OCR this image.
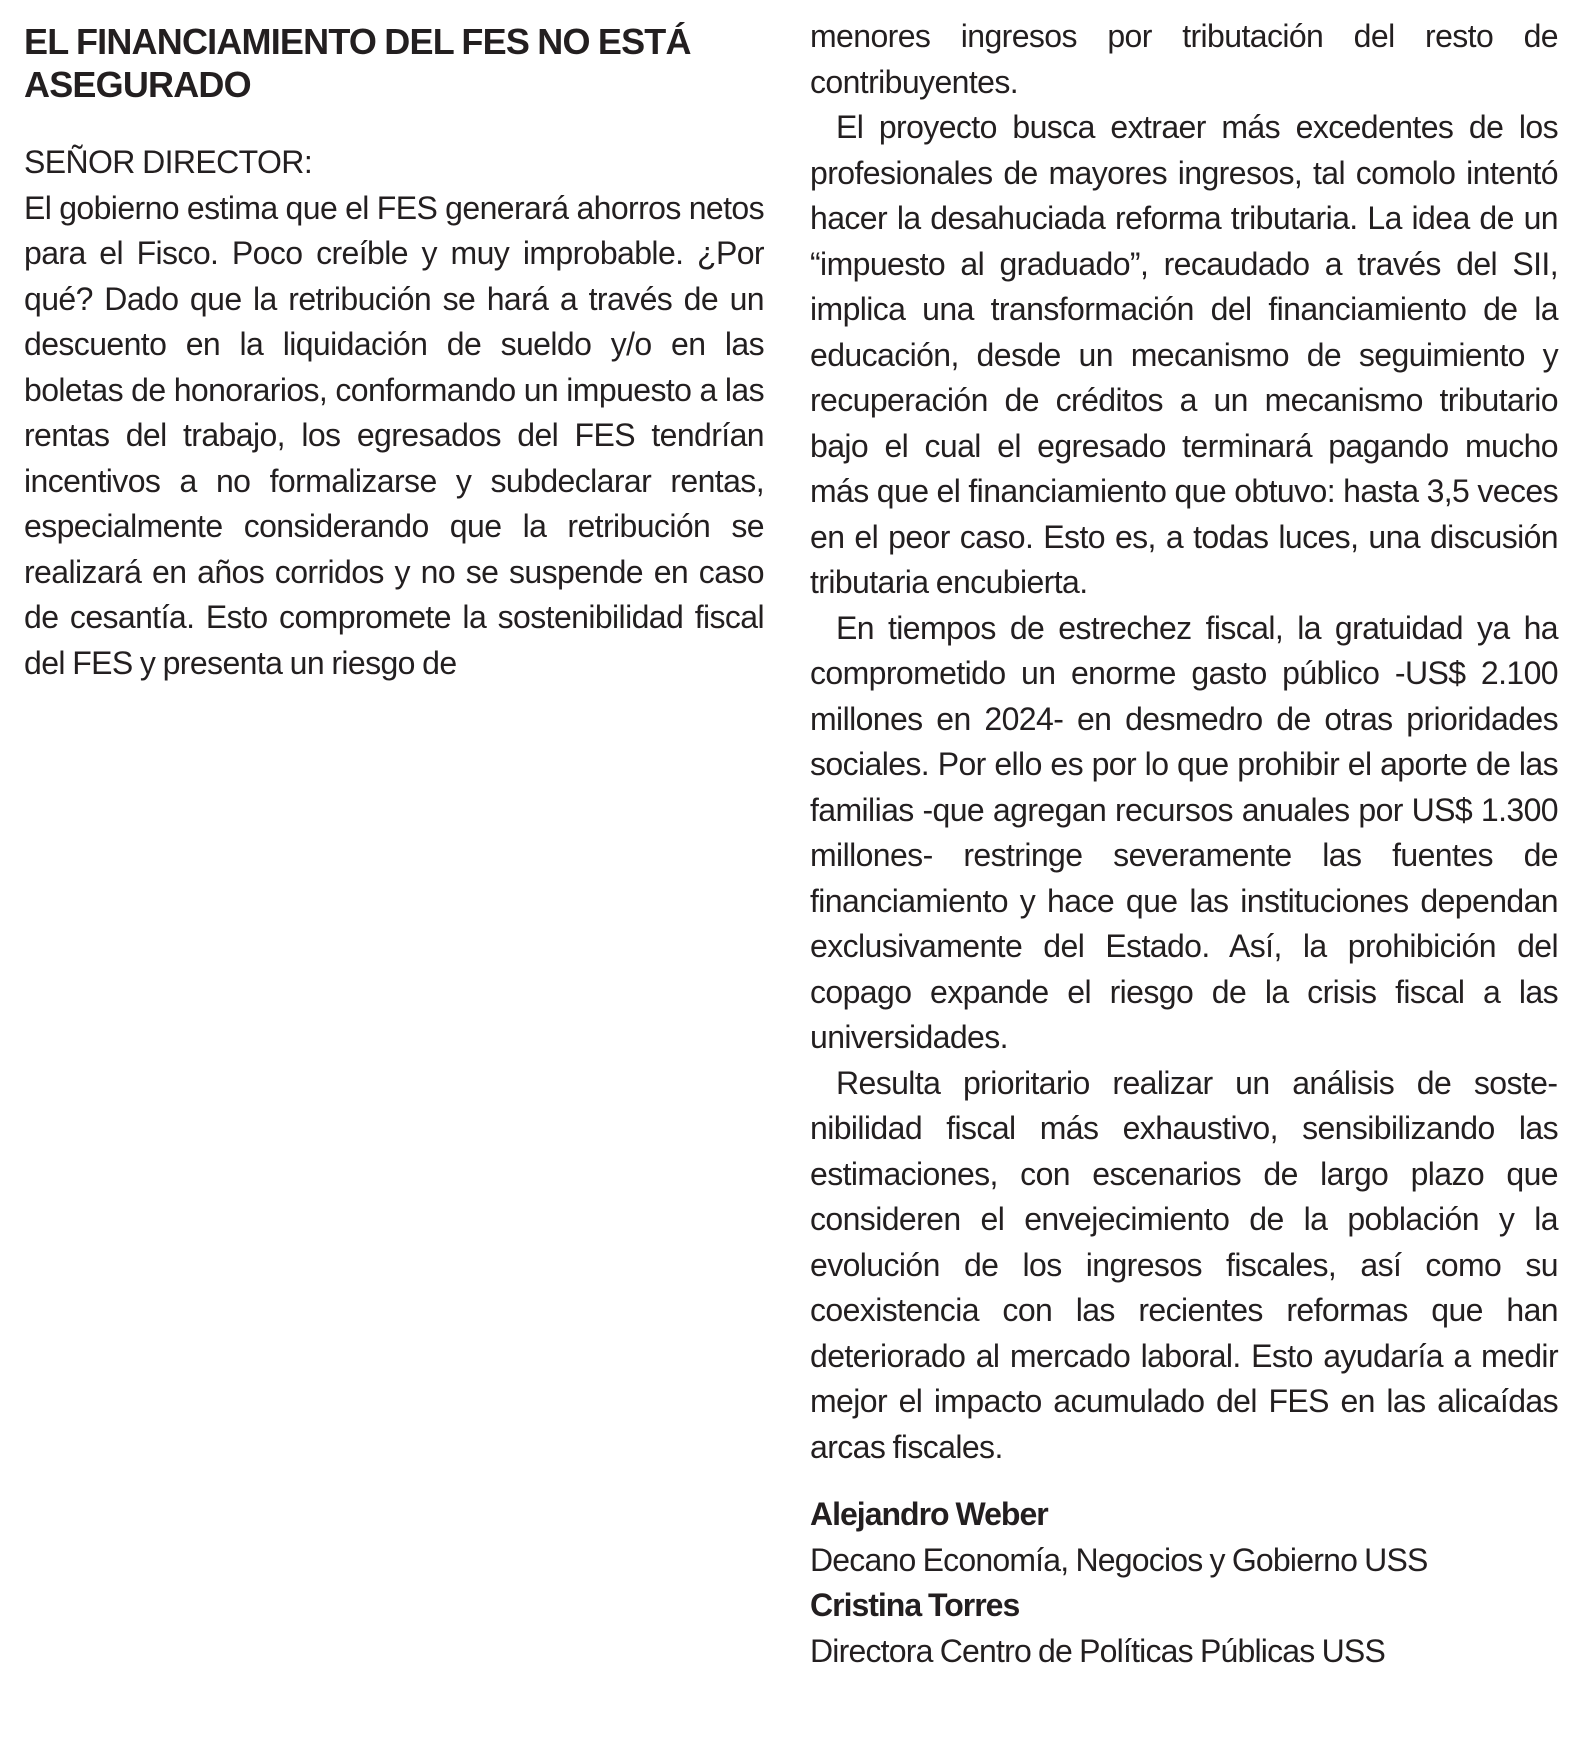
EL FINANCIAMIENTO DEL FES NO ESTÁ ASEGURADO

SEÑOR DIRECTOR:

El gobierno estima que el FES generará ahorros netos para el Fisco. Poco creíble y muy improbable. ¿Por qué? Dado que la retribución se hará a través de un descuento en la liquidación de sueldo y/o en las boletas de honorarios, conformando un impuesto a las rentas del trabajo, los egresados del FES tendrían incentivos a no formalizarse y subdeclarar rentas, especialmente considerando que la retribución se realizará en años corridos y no se suspende en caso de cesantía. Esto compromete la sostenibilidad fiscal del FES y presenta un riesgo de

menores ingresos por tributación del resto de contribuyentes.

El proyecto busca extraer más excedentes de los profesionales de mayores ingresos, tal comolo intentó hacer la desahuciada reforma tributaria. La idea de un “impuesto al graduado”, recaudado a través del SII, implica una transformación del financiamiento de la educación, desde un mecanismo de seguimiento y recuperación de créditos a un mecanismo tributario bajo el cual el egresado terminará pagando mucho más que el financiamiento que obtuvo: hasta 3,5 veces en el peor caso. Esto es, a todas luces, una discusión tributaria encubierta.

En tiempos de estrechez fiscal, la gratuidad ya ha comprometido un enorme gasto público -US$ 2.100 millones en 2024- en desmedro de otras prioridades sociales. Por ello es por lo que prohibir el aporte de las familias -que agregan recursos anuales por US$ 1.300 millones- restringe severamente las fuentes de financiamiento y hace que las instituciones dependan exclusivamente del Estado. Así, la prohibición del copago expande el riesgo de la crisis fiscal a las universidades.

Resulta prioritario realizar un análisis de sostenibilidad fiscal más exhaustivo, sensibilizando las estimaciones, con escenarios de largo plazo que consideren el envejecimiento de la población y la evolución de los ingresos fiscales, así como su coexistencia con las recientes reformas que han deteriorado al mercado laboral. Esto ayudaría a medir mejor el impacto acumulado del FES en las alicaídas arcas fiscales.

Alejandro Weber
Decano Economía, Negocios y Gobierno USS
Cristina Torres
Directora Centro de Políticas Públicas USS
